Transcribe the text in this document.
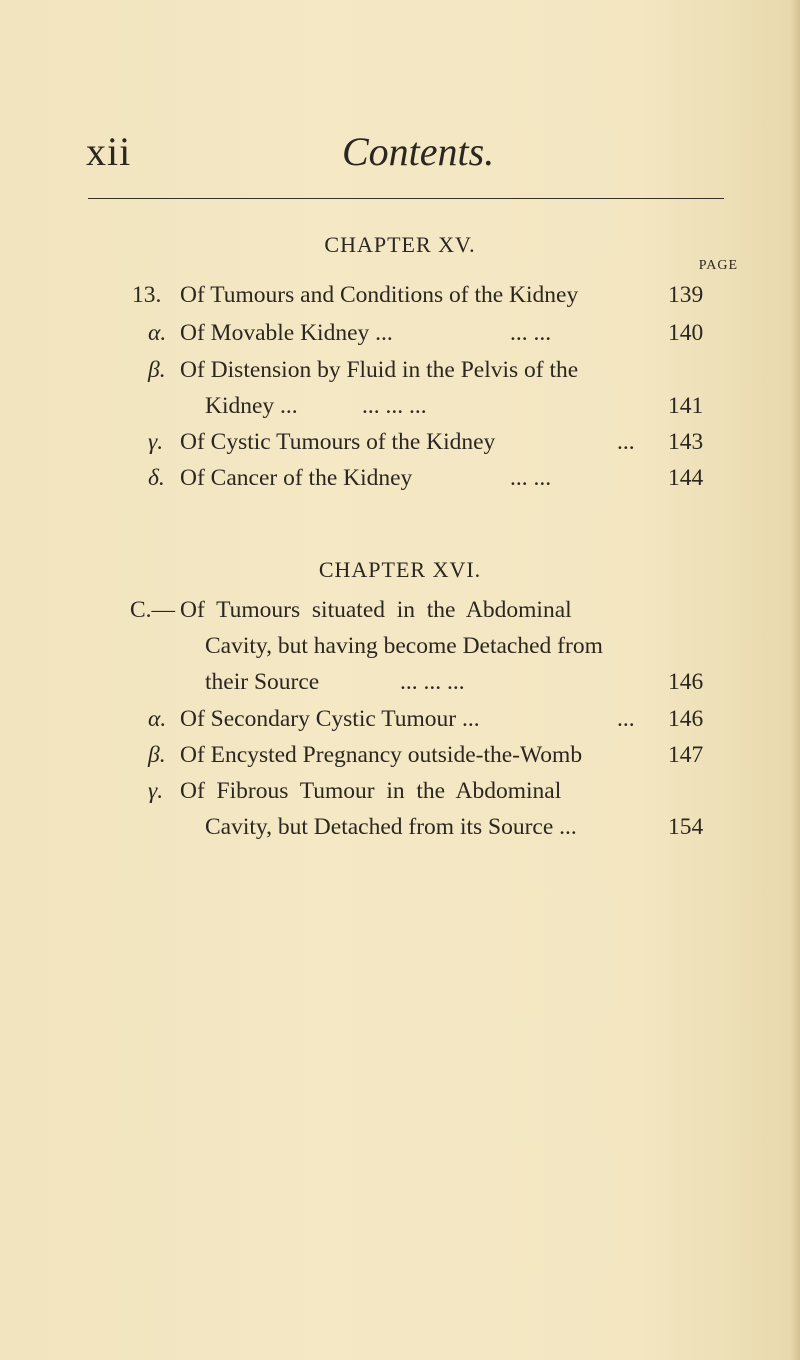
xii	Contents.
CHAPTER XV.
PAGE
13. Of Tumours and Conditions of the Kidney	139
α. Of Movable Kidney ...	... ...	140
β. Of Distension by Fluid in the Pelvis of the
Kidney ...	... ... ...	141
γ. Of Cystic Tumours of the Kidney	... 143
δ. Of Cancer of the Kidney	... ...	144
CHAPTER XVI.
C.— Of  Tumours  situated  in  the  Abdominal
Cavity, but having become Detached from
their Source	... ... ...	146
α. Of Secondary Cystic Tumour ...	... 146
β. Of Encysted Pregnancy outside-the-Womb	147
γ. Of  Fibrous  Tumour  in  the  Abdominal
Cavity, but Detached from its Source ...	154
